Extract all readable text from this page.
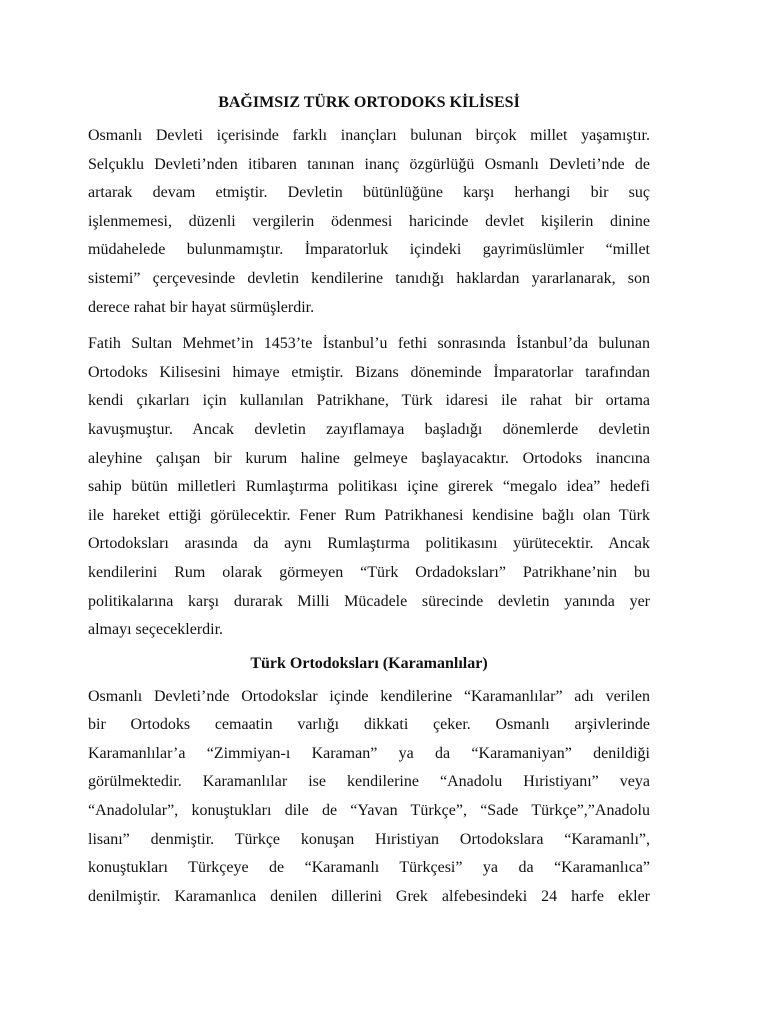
BAĞIMSIZ TÜRK ORTODOKS KİLİSESİ
Osmanlı Devleti içerisinde farklı inançları bulunan birçok millet yaşamıştır.
Selçuklu Devleti’nden itibaren tanınan inanç özgürlüğü Osmanlı Devleti’nde de
artarak devam etmiştir. Devletin bütünlüğüne karşı herhangi bir suç
işlenmemesi, düzenli vergilerin ödenmesi haricinde devlet kişilerin dinine
müdahelede bulunmamıştır. İmparatorluk içindeki gayrimüslümler “millet
sistemi” çerçevesinde devletin kendilerine tanıdığı haklardan yararlanarak, son
derece rahat bir hayat sürmüşlerdir.
Fatih Sultan Mehmet’in 1453’te İstanbul’u fethi sonrasında İstanbul’da bulunan
Ortodoks Kilisesini himaye etmiştir. Bizans döneminde İmparatorlar tarafından
kendi çıkarları için kullanılan Patrikhane, Türk idaresi ile rahat bir ortama
kavuşmuştur. Ancak devletin zayıflamaya başladığı dönemlerde devletin
aleyhine çalışan bir kurum haline gelmeye başlayacaktır. Ortodoks inancına
sahip bütün milletleri Rumlaştırma politikası içine girerek “megalo idea” hedefi
ile hareket ettiği görülecektir. Fener Rum Patrikhanesi kendisine bağlı olan Türk
Ortodoksları arasında da aynı Rumlaştırma politikasını yürütecektir. Ancak
kendilerini Rum olarak görmeyen “Türk Ordadoksları” Patrikhane’nin bu
politikalarına karşı durarak Milli Mücadele sürecinde devletin yanında yer
almayı seçeceklerdir.
Türk Ortodoksları (Karamanlılar)
Osmanlı Devleti’nde Ortodokslar içinde kendilerine “Karamanlılar” adı verilen
bir Ortodoks cemaatin varlığı dikkati çeker. Osmanlı arşivlerinde
Karamanlılar’a “Zimmiyan-ı Karaman” ya da “Karamaniyan” denildiği
görülmektedir. Karamanlılar ise kendilerine “Anadolu Hıristiyanı” veya
“Anadolular”, konuştukları dile de “Yavan Türkçe”, “Sade Türkçe”,”Anadolu
lisanı” denmiştir. Türkçe konuşan Hıristiyan Ortodokslara “Karamanlı”,
konuştukları Türkçeye de “Karamanlı Türkçesi” ya da “Karamanlıca”
denilmiştir. Karamanlıca denilen dillerini Grek alfebesindeki 24 harfe ekler
